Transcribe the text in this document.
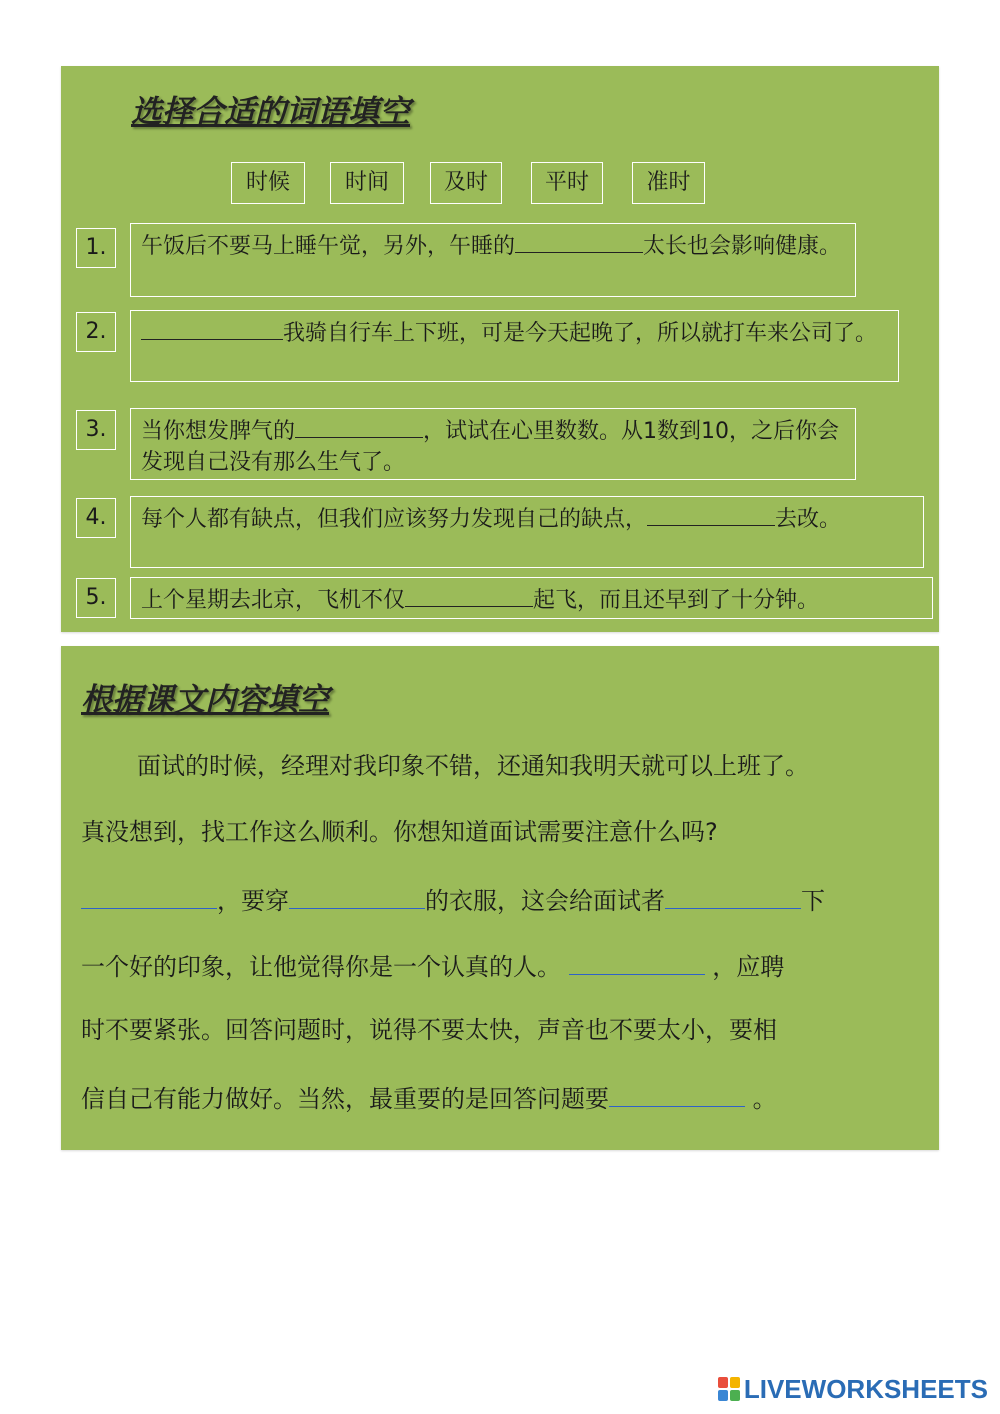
选择合适的词语填空
时候	时间	及时	平时	准时
1.	午饭后不要马上睡午觉，另外，午睡的	太长也会影响健康。
2.	我骑自行车上下班，可是今天起晚了，所以就打车来公司了。
3.	当你想发脾气的	，试试在心里数数。从1数到10，之后你会发现自己没有那么生气了。
4.	每个人都有缺点，但我们应该努力发现自己的缺点，	去改。
5.	上个星期去北京，飞机不仅	起飞，而且还早到了十分钟。
根据课文内容填空
面试的时候，经理对我印象不错，还通知我明天就可以上班了。
真没想到，找工作这么顺利。你想知道面试需要注意什么吗?
，要穿	的衣服，这会给面试者	下
一个好的印象，让他觉得你是一个认真的人。	，应聘
时不要紧张。回答问题时，说得不要太快，声音也不要太小，要相
信自己有能力做好。当然，最重要的是回答问题要	。
LIVEWORKSHEETS
